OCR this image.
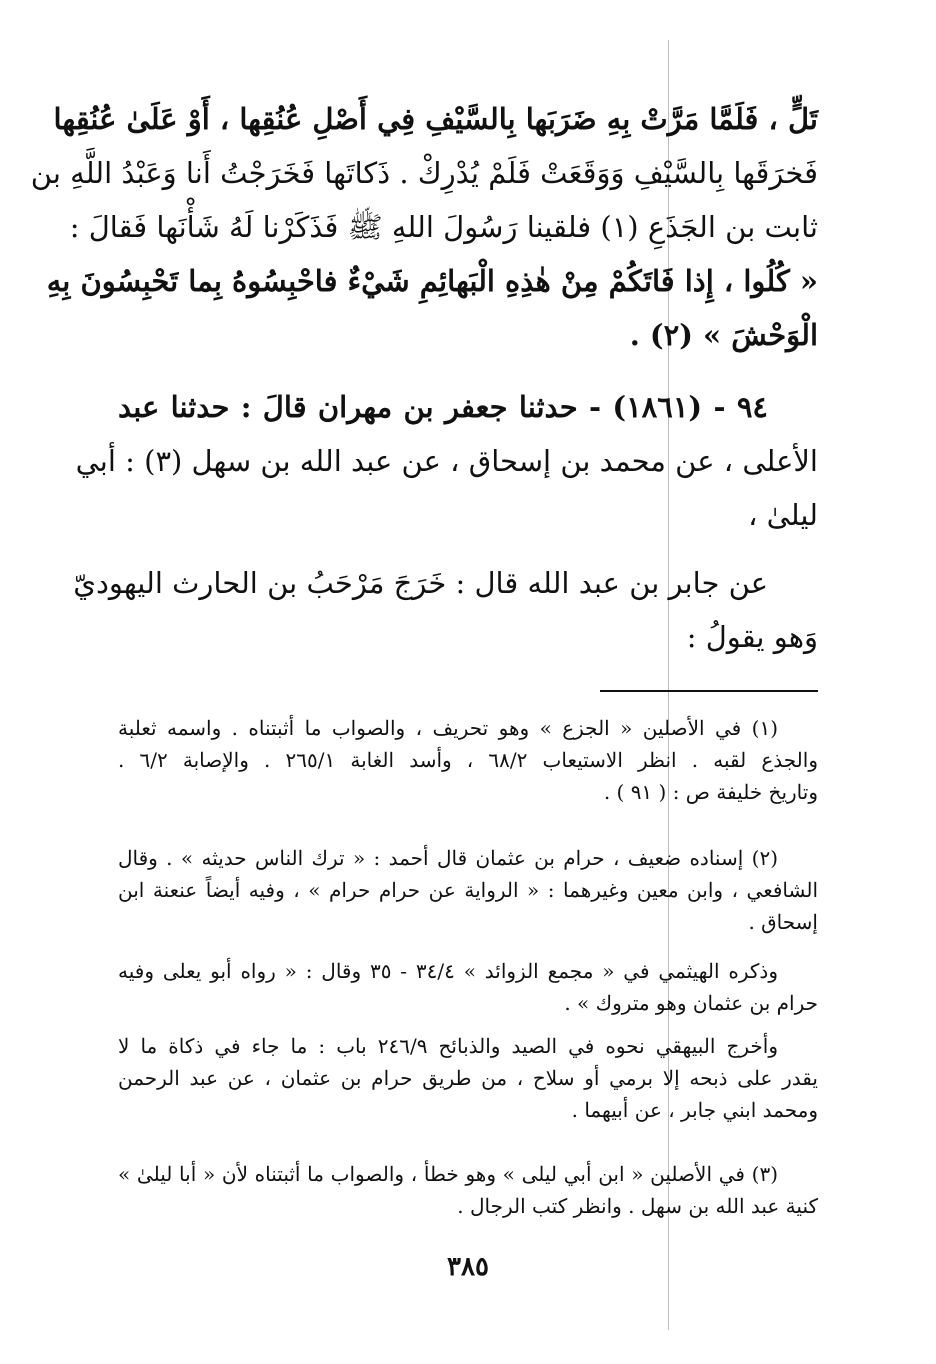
تَلٍّ ، فَلَمَّا مَرَّتْ بِهِ ضَرَبَها بِالسَّيْفِ فِي أَصْلِ عُنُقِها ، أَوْ عَلَىٰ عُنُقِها
فَخرَقَها بِالسَّيْفِ وَوَقَعَتْ فَلَمْ يُدْرِكْ . ذَكاتَها فَخَرَجْتُ أَنا وَعَبْدُ اللَّهِ بن
ثابت بن الجَذَعِ (١) فلقينا رَسُولَ اللهِ ﷺ فَذَكَرْنا لَهُ شَأْنَها فَقالَ :
« كُلُوا ، إِذا فَاتَكُمْ مِنْ هٰذِهِ الْبَهائِمِ شَيْءٌ فاحْبِسُوهُ بِما تَحْبِسُونَ بِهِ
الْوَحْشَ » (٢) .
٩٤ - (١٨٦١) - حدثنا جعفر بن مهران قالَ : حدثنا عبد
الأعلى ، عن محمد بن إسحاق ، عن عبد الله بن سهل (٣) : أبي
ليلىٰ ،
عن جابر بن عبد الله قال : خَرَجَ مَرْحَبُ بن الحارث اليهوديّ
وَهو يقولُ :
(١) في الأصلين « الجزع » وهو تحريف ، والصواب ما أثبتناه . واسمه ثعلبة
والجذع لقبه . انظر الاستيعاب ٦٨/٢ ، وأسد الغابة ٢٦٥/١ . والإصابة ٦/٢ .
وتاريخ خليفة ص : ( ٩١ ) .
(٢) إسناده ضعيف ، حرام بن عثمان قال أحمد : « ترك الناس حديثه » . وقال
الشافعي ، وابن معين وغيرهما : « الرواية عن حرام حرام » ، وفيه أيضاً عنعنة ابن
إسحاق .
وذكره الهيثمي في « مجمع الزوائد » ٣٤/٤ - ٣٥ وقال : « رواه أبو يعلى وفيه
حرام بن عثمان وهو متروك » .
وأخرج البيهقي نحوه في الصيد والذبائح ٢٤٦/٩ باب : ما جاء في ذكاة ما لا
يقدر على ذبحه إلا برمي أو سلاح ، من طريق حرام بن عثمان ، عن عبد الرحمن
ومحمد ابني جابر ، عن أبيهما .
(٣) في الأصلين « ابن أبي ليلى » وهو خطأ ، والصواب ما أثبتناه لأن « أبا ليلىٰ »
كنية عبد الله بن سهل . وانظر كتب الرجال .
٣٨٥
